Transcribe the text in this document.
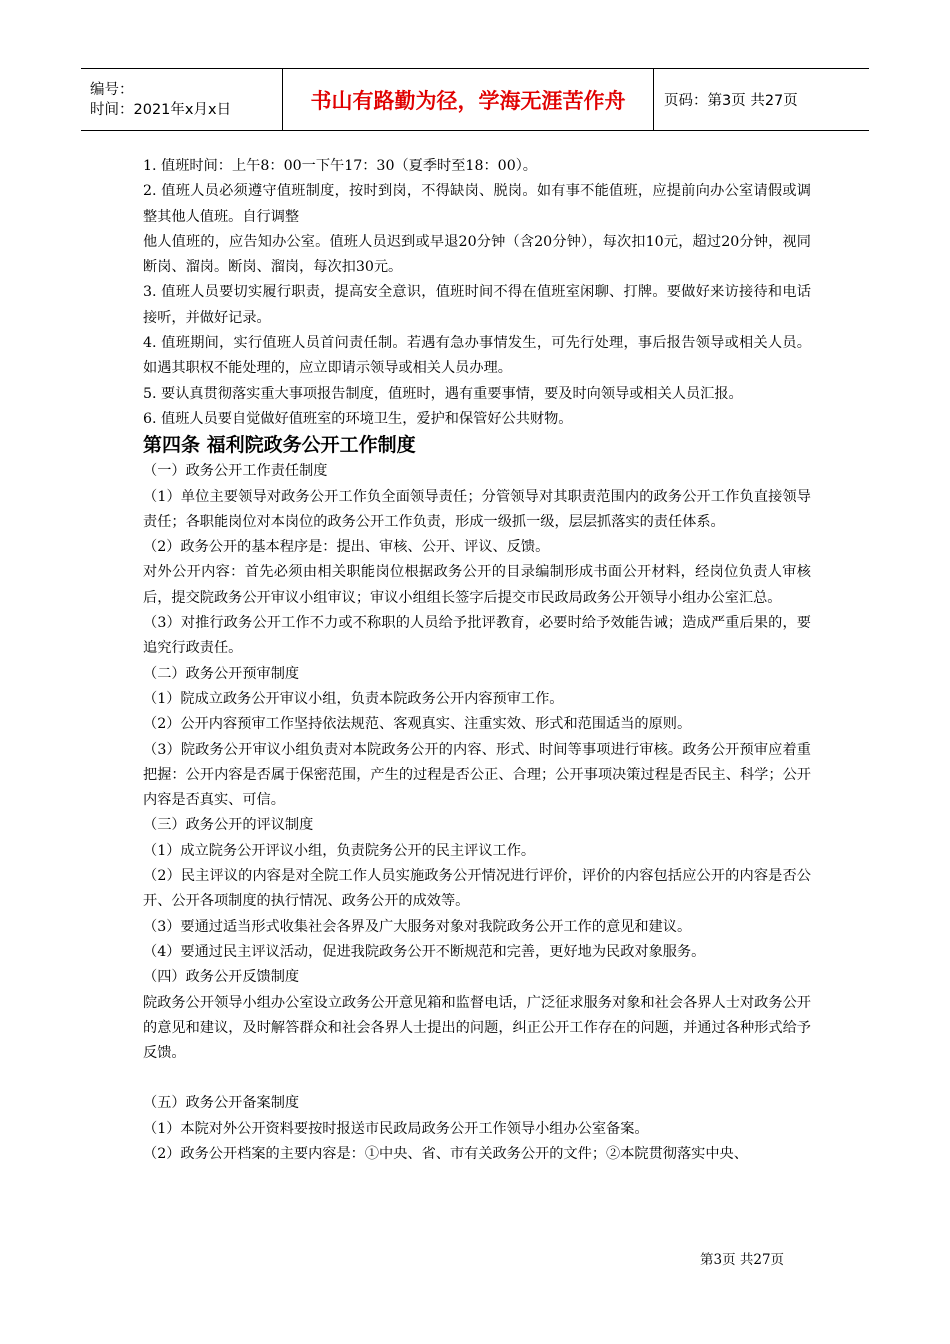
编号：
时间：2021年x月x日	书山有路勤为径，学海无涯苦作舟	页码：第3页 共27页

1. 值班时间：上午8：00一下午17：30（夏季时至18：00）。

2. 值班人员必须遵守值班制度，按时到岗，不得缺岗、脱岗。如有事不能值班，应提前向办公室请假或调整其他人值班。自行调整

他人值班的，应告知办公室。值班人员迟到或早退20分钟（含20分钟），每次扣10元，超过20分钟，视同断岗、溜岗。断岗、溜岗，每次扣30元。

3. 值班人员要切实履行职责，提高安全意识，值班时间不得在值班室闲聊、打牌。要做好来访接待和电话接听，并做好记录。

4. 值班期间，实行值班人员首问责任制。若遇有急办事情发生，可先行处理，事后报告领导或相关人员。如遇其职权不能处理的，应立即请示领导或相关人员办理。

5. 要认真贯彻落实重大事项报告制度，值班时，遇有重要事情，要及时向领导或相关人员汇报。

6. 值班人员要自觉做好值班室的环境卫生，爱护和保管好公共财物。

第四条 福利院政务公开工作制度

（一）政务公开工作责任制度

（1）单位主要领导对政务公开工作负全面领导责任；分管领导对其职责范围内的政务公开工作负直接领导责任；各职能岗位对本岗位的政务公开工作负责，形成一级抓一级，层层抓落实的责任体系。

（2）政务公开的基本程序是：提出、审核、公开、评议、反馈。

对外公开内容：首先必须由相关职能岗位根据政务公开的目录编制形成书面公开材料，经岗位负责人审核后，提交院政务公开审议小组审议；审议小组组长签字后提交市民政局政务公开领导小组办公室汇总。

（3）对推行政务公开工作不力或不称职的人员给予批评教育，必要时给予效能告诫；造成严重后果的，要追究行政责任。

（二）政务公开预审制度

（1）院成立政务公开审议小组，负责本院政务公开内容预审工作。

（2）公开内容预审工作坚持依法规范、客观真实、注重实效、形式和范围适当的原则。

（3）院政务公开审议小组负责对本院政务公开的内容、形式、时间等事项进行审核。政务公开预审应着重把握：公开内容是否属于保密范围，产生的过程是否公正、合理；公开事项决策过程是否民主、科学；公开内容是否真实、可信。

（三）政务公开的评议制度

（1）成立院务公开评议小组，负责院务公开的民主评议工作。

（2）民主评议的内容是对全院工作人员实施政务公开情况进行评价，评价的内容包括应公开的内容是否公开、公开各项制度的执行情况、政务公开的成效等。

（3）要通过适当形式收集社会各界及广大服务对象对我院政务公开工作的意见和建议。

（4）要通过民主评议活动，促进我院政务公开不断规范和完善，更好地为民政对象服务。

（四）政务公开反馈制度

院政务公开领导小组办公室设立政务公开意见箱和监督电话，广泛征求服务对象和社会各界人士对政务公开的意见和建议，及时解答群众和社会各界人士提出的问题，纠正公开工作存在的问题，并通过各种形式给予反馈。

（五）政务公开备案制度

（1）本院对外公开资料要按时报送市民政局政务公开工作领导小组办公室备案。

（2）政务公开档案的主要内容是：①中央、省、市有关政务公开的文件；②本院贯彻落实中央、

第3页 共27页
